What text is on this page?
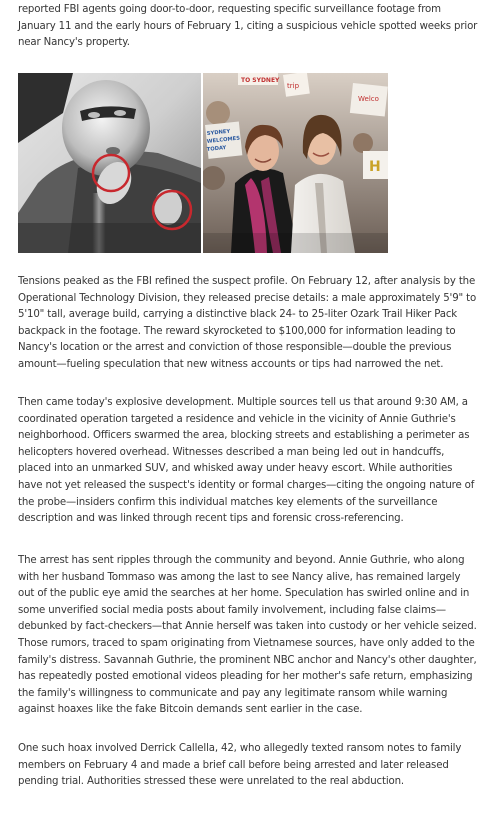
reported FBI agents going door-to-door, requesting specific surveillance footage from January 11 and the early hours of February 1, citing a suspicious vehicle spotted weeks prior near Nancy's property.

Welco
TO SYDNEY
trip
SYDNEY
WELCOMES
TODAY
H

Tensions peaked as the FBI refined the suspect profile. On February 12, after analysis by the Operational Technology Division, they released precise details: a male approximately 5'9" to 5'10" tall, average build, carrying a distinctive black 24- to 25-liter Ozark Trail Hiker Pack backpack in the footage. The reward skyrocketed to $100,000 for information leading to Nancy's location or the arrest and conviction of those responsible—double the previous amount—fueling speculation that new witness accounts or tips had narrowed the net.

Then came today's explosive development. Multiple sources tell us that around 9:30 AM, a coordinated operation targeted a residence and vehicle in the vicinity of Annie Guthrie's neighborhood. Officers swarmed the area, blocking streets and establishing a perimeter as helicopters hovered overhead. Witnesses described a man being led out in handcuffs, placed into an unmarked SUV, and whisked away under heavy escort. While authorities have not yet released the suspect's identity or formal charges—citing the ongoing nature of the probe—insiders confirm this individual matches key elements of the surveillance description and was linked through recent tips and forensic cross-referencing.

The arrest has sent ripples through the community and beyond. Annie Guthrie, who along with her husband Tommaso was among the last to see Nancy alive, has remained largely out of the public eye amid the searches at her home. Speculation has swirled online and in some unverified social media posts about family involvement, including false claims—debunked by fact-checkers—that Annie herself was taken into custody or her vehicle seized. Those rumors, traced to spam originating from Vietnamese sources, have only added to the family's distress. Savannah Guthrie, the prominent NBC anchor and Nancy's other daughter, has repeatedly posted emotional videos pleading for her mother's safe return, emphasizing the family's willingness to communicate and pay any legitimate ransom while warning against hoaxes like the fake Bitcoin demands sent earlier in the case.

One such hoax involved Derrick Callella, 42, who allegedly texted ransom notes to family members on February 4 and made a brief call before being arrested and later released pending trial. Authorities stressed these were unrelated to the real abduction.
